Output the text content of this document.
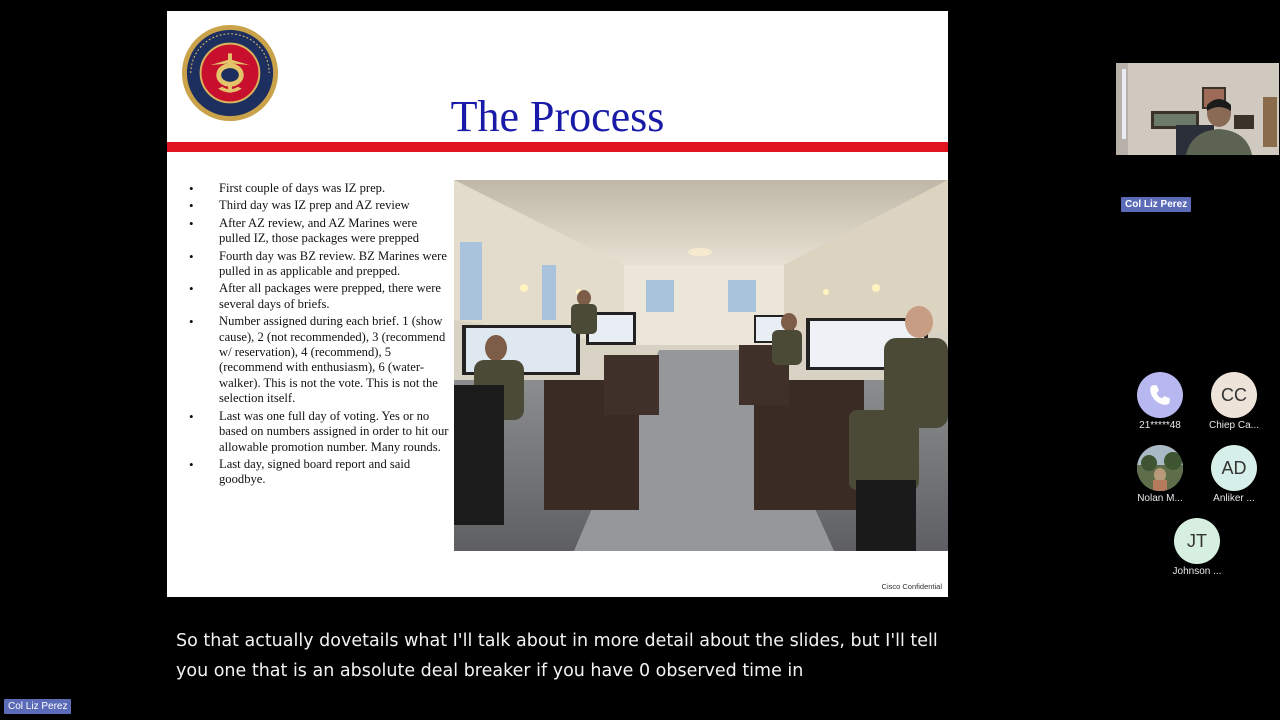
The Process
• First couple of days was IZ prep.
• Third day was IZ prep and AZ review
• After AZ review, and AZ Marines were pulled IZ, those packages were prepped
• Fourth day was BZ review. BZ Marines were pulled in as applicable and prepped.
• After all packages were prepped, there were several days of briefs.
• Number assigned during each brief. 1 (show cause), 2 (not recommended), 3 (recommend w/ reservation), 4 (recommend), 5 (recommend with enthusiasm), 6 (water-walker). This is not the vote. This is not the selection itself.
• Last was one full day of voting. Yes or no based on numbers assigned in order to hit our allowable promotion number. Many rounds.
• Last day, signed board report and said goodbye.
Cisco Confidential
Col Liz Perez
21*****48
CC
Chiep Ca...
Nolan M...
AD
Anliker ...
JT
Johnson ...
So that actually dovetails what I'll talk about in more detail about the slides, but I'll tell
you one that is an absolute deal breaker if you have 0 observed time in
Col Liz Perez
